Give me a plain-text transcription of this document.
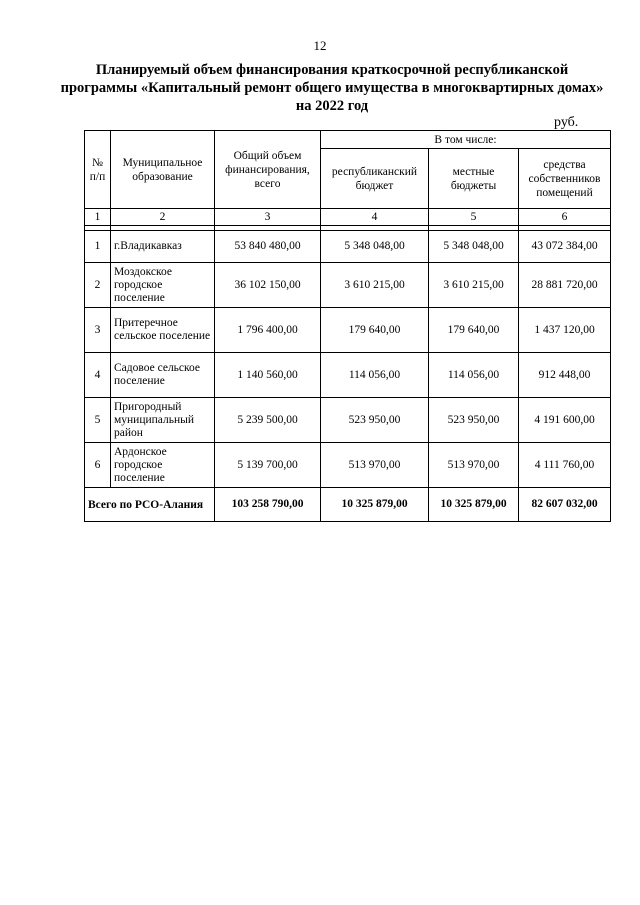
12
Планируемый объем финансирования краткосрочной республиканской программы «Капитальный ремонт общего имущества в многоквартирных домах» на 2022 год
руб.
№ п/п	Муниципальное образование	Общий объем финансирования, всего	В том числе:		
			республиканский бюджет	местные бюджеты	средства собственников помещений
1	2	3	4	5	6

1	г.Владикавказ	53 840 480,00	5 348 048,00	5 348 048,00	43 072 384,00
2	Моздокское городское поселение	36 102 150,00	3 610 215,00	3 610 215,00	28 881 720,00
3	Притеречное сельское поселение	1 796 400,00	179 640,00	179 640,00	1 437 120,00
4	Садовое сельское поселение	1 140 560,00	114 056,00	114 056,00	912 448,00
5	Пригородный муниципальный район	5 239 500,00	523 950,00	523 950,00	4 191 600,00
6	Ардонское городское поселение	5 139 700,00	513 970,00	513 970,00	4 111 760,00
Всего по РСО-Алания		103 258 790,00	10 325 879,00	10 325 879,00	82 607 032,00
